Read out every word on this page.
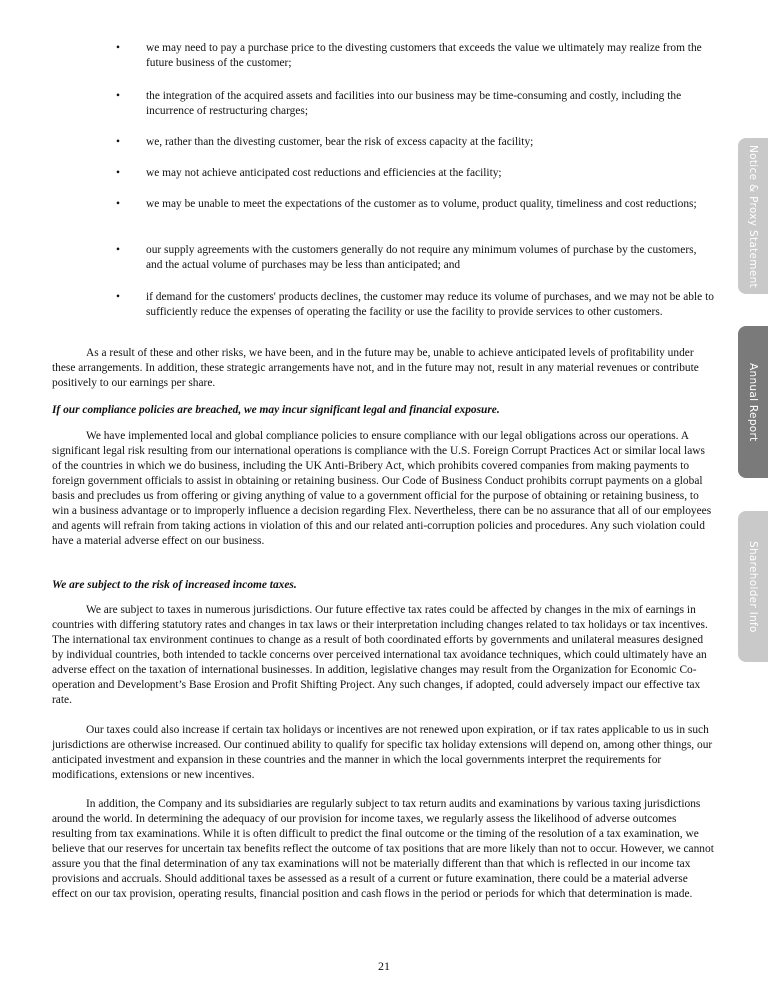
Notice & Proxy Statement
Annual Report
Shareholder Info
• we may need to pay a purchase price to the divesting customers that exceeds the value we ultimately may realize from the future business of the customer;
• the integration of the acquired assets and facilities into our business may be time-consuming and costly, including the incurrence of restructuring charges;
• we, rather than the divesting customer, bear the risk of excess capacity at the facility;
• we may not achieve anticipated cost reductions and efficiencies at the facility;
• we may be unable to meet the expectations of the customer as to volume, product quality, timeliness and cost reductions;
• our supply agreements with the customers generally do not require any minimum volumes of purchase by the customers, and the actual volume of purchases may be less than anticipated; and
• if demand for the customers' products declines, the customer may reduce its volume of purchases, and we may not be able to sufficiently reduce the expenses of operating the facility or use the facility to provide services to other customers.

As a result of these and other risks, we have been, and in the future may be, unable to achieve anticipated levels of profitability under these arrangements. In addition, these strategic arrangements have not, and in the future may not, result in any material revenues or contribute positively to our earnings per share.

If our compliance policies are breached, we may incur significant legal and financial exposure.

We have implemented local and global compliance policies to ensure compliance with our legal obligations across our operations. A significant legal risk resulting from our international operations is compliance with the U.S. Foreign Corrupt Practices Act or similar local laws of the countries in which we do business, including the UK Anti-Bribery Act, which prohibits covered companies from making payments to foreign government officials to assist in obtaining or retaining business. Our Code of Business Conduct prohibits corrupt payments on a global basis and precludes us from offering or giving anything of value to a government official for the purpose of obtaining or retaining business, to win a business advantage or to improperly influence a decision regarding Flex. Nevertheless, there can be no assurance that all of our employees and agents will refrain from taking actions in violation of this and our related anti-corruption policies and procedures. Any such violation could have a material adverse effect on our business.

We are subject to the risk of increased income taxes.

We are subject to taxes in numerous jurisdictions. Our future effective tax rates could be affected by changes in the mix of earnings in countries with differing statutory rates and changes in tax laws or their interpretation including changes related to tax holidays or tax incentives. The international tax environment continues to change as a result of both coordinated efforts by governments and unilateral measures designed by individual countries, both intended to tackle concerns over perceived international tax avoidance techniques, which could ultimately have an adverse effect on the taxation of international businesses. In addition, legislative changes may result from the Organization for Economic Co-operation and Development’s Base Erosion and Profit Shifting Project. Any such changes, if adopted, could adversely impact our effective tax rate.

Our taxes could also increase if certain tax holidays or incentives are not renewed upon expiration, or if tax rates applicable to us in such jurisdictions are otherwise increased. Our continued ability to qualify for specific tax holiday extensions will depend on, among other things, our anticipated investment and expansion in these countries and the manner in which the local governments interpret the requirements for modifications, extensions or new incentives.

In addition, the Company and its subsidiaries are regularly subject to tax return audits and examinations by various taxing jurisdictions around the world. In determining the adequacy of our provision for income taxes, we regularly assess the likelihood of adverse outcomes resulting from tax examinations. While it is often difficult to predict the final outcome or the timing of the resolution of a tax examination, we believe that our reserves for uncertain tax benefits reflect the outcome of tax positions that are more likely than not to occur. However, we cannot assure you that the final determination of any tax examinations will not be materially different than that which is reflected in our income tax provisions and accruals. Should additional taxes be assessed as a result of a current or future examination, there could be a material adverse effect on our tax provision, operating results, financial position and cash flows in the period or periods for which that determination is made.

21
